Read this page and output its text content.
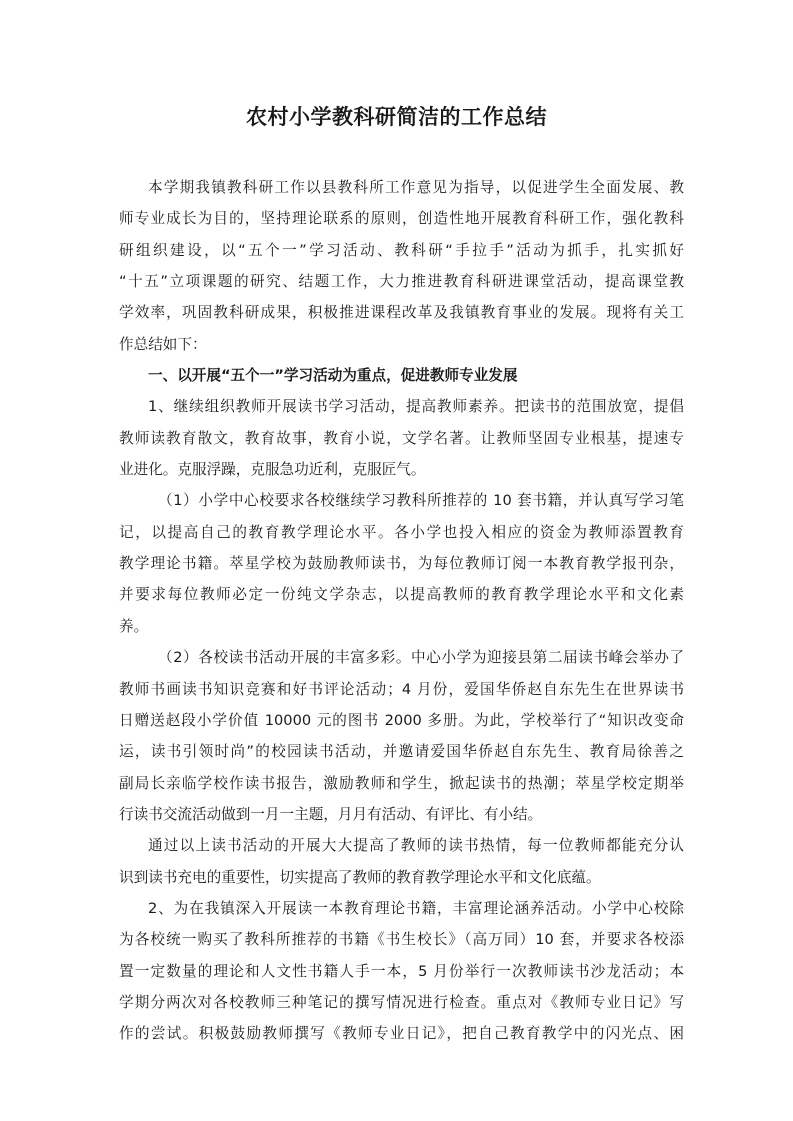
农村小学教科研简洁的工作总结
本学期我镇教科研工作以县教科所工作意见为指导，以促进学生全面发展、教
师专业成长为目的，坚持理论联系的原则，创造性地开展教育科研工作，强化教科
研组织建设，以“五个一”学习活动、教科研“手拉手”活动为抓手，扎实抓好
“十五”立项课题的研究、结题工作，大力推进教育科研进课堂活动，提高课堂教
学效率，巩固教科研成果，积极推进课程改革及我镇教育事业的发展。现将有关工
作总结如下：
一、以开展“五个一”学习活动为重点，促进教师专业发展
1、继续组织教师开展读书学习活动，提高教师素养。把读书的范围放宽，提倡
教师读教育散文，教育故事，教育小说，文学名著。让教师坚固专业根基，提速专
业进化。克服浮躁，克服急功近利，克服匠气。
（1）小学中心校要求各校继续学习教科所推荐的 10 套书籍，并认真写学习笔
记，以提高自己的教育教学理论水平。各小学也投入相应的资金为教师添置教育
教学理论书籍。萃星学校为鼓励教师读书，为每位教师订阅一本教育教学报刊杂，
并要求每位教师必定一份纯文学杂志，以提高教师的教育教学理论水平和文化素
养。
（2）各校读书活动开展的丰富多彩。中心小学为迎接县第二届读书峰会举办了
教师书画读书知识竞赛和好书评论活动；4 月份，爱国华侨赵自东先生在世界读书
日赠送赵段小学价值 10000 元的图书 2000 多册。为此，学校举行了“知识改变命
运，读书引领时尚”的校园读书活动，并邀请爱国华侨赵自东先生、教育局徐善之
副局长亲临学校作读书报告，激励教师和学生，掀起读书的热潮；萃星学校定期举
行读书交流活动做到一月一主题，月月有活动、有评比、有小结。
通过以上读书活动的开展大大提高了教师的读书热情，每一位教师都能充分认
识到读书充电的重要性，切实提高了教师的教育教学理论水平和文化底蕴。
2、为在我镇深入开展读一本教育理论书籍，丰富理论涵养活动。小学中心校除
为各校统一购买了教科所推荐的书籍《书生校长》（高万同）10 套，并要求各校添
置一定数量的理论和人文性书籍人手一本，5 月份举行一次教师读书沙龙活动；本
学期分两次对各校教师三种笔记的撰写情况进行检查。重点对《教师专业日记》写
作的尝试。积极鼓励教师撰写《教师专业日记》，把自己教育教学中的闪光点、困
